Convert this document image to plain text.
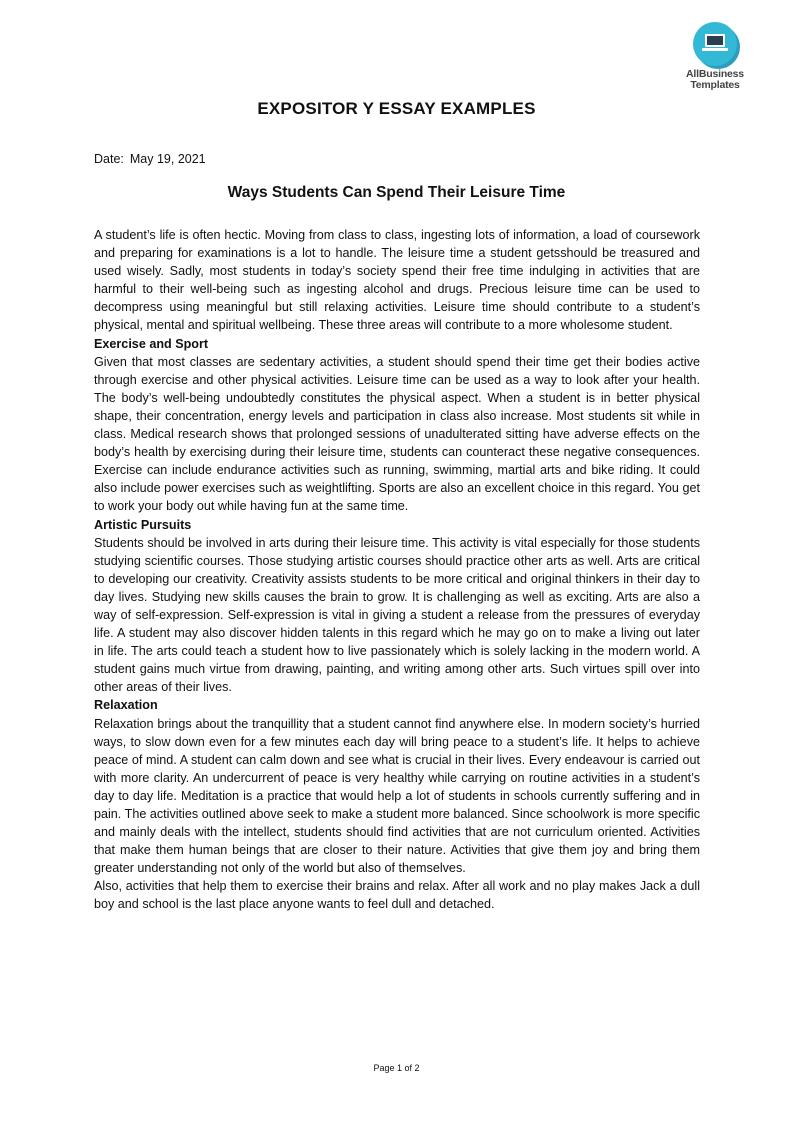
AllBusiness
Templates
EXPOSITOR Y ESSAY EXAMPLES
Date: May 19, 2021
Ways Students Can Spend Their Leisure Time

A student’s life is often hectic. Moving from class to class, ingesting lots of information, a load of coursework and preparing for examinations is a lot to handle. The leisure time a student getsshould be treasured and used wisely. Sadly, most students in today’s society spend their free time indulging in activities that are harmful to their well-being such as ingesting alcohol and drugs. Precious leisure time can be used to decompress using meaningful but still relaxing activities. Leisure time should contribute to a student’s physical, mental and spiritual wellbeing. These three areas will contribute to a more wholesome student.

Exercise and Sport

Given that most classes are sedentary activities, a student should spend their time get their bodies active through exercise and other physical activities. Leisure time can be used as a way to look after your health. The body’s well-being undoubtedly constitutes the physical aspect. When a student is in better physical shape, their concentration, energy levels and participation in class also increase. Most students sit while in class. Medical research shows that prolonged sessions of unadulterated sitting have adverse effects on the body’s health by exercising during their leisure time, students can counteract these negative consequences. Exercise can include endurance activities such as running, swimming, martial arts and bike riding. It could also include power exercises such as weightlifting. Sports are also an excellent choice in this regard. You get to work your body out while having fun at the same time.

Artistic Pursuits

Students should be involved in arts during their leisure time. This activity is vital especially for those students studying scientific courses. Those studying artistic courses should practice other arts as well. Arts are critical to developing our creativity. Creativity assists students to be more critical and original thinkers in their day to day lives. Studying new skills causes the brain to grow. It is challenging as well as exciting. Arts are also a way of self-expression. Self-expression is vital in giving a student a release from the pressures of everyday life. A student may also discover hidden talents in this regard which he may go on to make a living out later in life. The arts could teach a student how to live passionately which is solely lacking in the modern world. A student gains much virtue from drawing, painting, and writing among other arts. Such virtues spill over into other areas of their lives.

Relaxation

Relaxation brings about the tranquillity that a student cannot find anywhere else. In modern society’s hurried ways, to slow down even for a few minutes each day will bring peace to a student’s life. It helps to achieve peace of mind. A student can calm down and see what is crucial in their lives. Every endeavour is carried out with more clarity. An undercurrent of peace is very healthy while carrying on routine activities in a student’s day to day life. Meditation is a practice that would help a lot of students in schools currently suffering and in pain. The activities outlined above seek to make a student more balanced. Since schoolwork is more specific and mainly deals with the intellect, students should find activities that are not curriculum oriented. Activities that make them human beings that are closer to their nature. Activities that give them joy and bring them greater understanding not only of the world but also of themselves.

Also, activities that help them to exercise their brains and relax. After all work and no play makes Jack a dull boy and school is the last place anyone wants to feel dull and detached.

Page 1 of 2
